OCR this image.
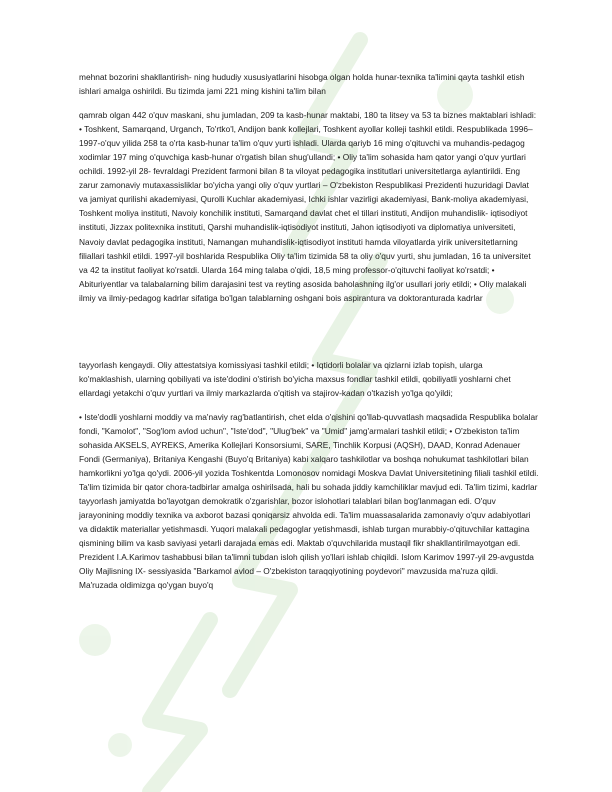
mehnat bozorini shakllantirish- ning hududiy xususiyatlarini hisobga olgan holda hunar-texnika ta'limini qayta tashkil etish ishlari amalga oshirildi. Bu tizimda jami 221 ming kishini ta'lim bilan

qamrab olgan 442 o'quv maskani, shu jumladan, 209 ta kasb-hunar maktabi, 180 ta litsey va 53 ta biznes maktablari ishladi: • Toshkent, Samarqand, Urganch, To'rtko'l, Andijon bank kollejlari, Toshkent ayollar kolleji tashkil etildi. Respublikada 1996–1997-o'quv yilida 258 ta o'rta kasb-hunar ta'lim o'quv yurti ishladi. Ularda qariyb 16 ming o'qituvchi va muhandis-pedagog xodimlar 197 ming o'quvchiga kasb-hunar o'rgatish bilan shug'ullandi; • Oliy ta'lim sohasida ham qator yangi o'quv yurtlari ochildi. 1992-yil 28- fevraldagi Prezident farmoni bilan 8 ta viloyat pedagogika institutlari universitetlarga aylantirildi. Eng zarur zamonaviy mutaxassisliklar bo'yicha yangi oliy o'quv yurtlari – O'zbekiston Respublikasi Prezidenti huzuridagi Davlat va jamiyat qurilishi akademiyasi, Qurolli Kuchlar akademiyasi, Ichki ishlar vazirligi akademiyasi, Bank-moliya akademiyasi, Toshkent moliya instituti, Navoiy konchilik instituti, Samarqand davlat chet el tillari instituti, Andijon muhandislik- iqtisodiyot instituti, Jizzax politexnika instituti, Qarshi muhandislik-iqtisodiyot instituti, Jahon iqtisodiyoti va diplomatiya universiteti, Navoiy davlat pedagogika instituti, Namangan muhandislik-iqtisodiyot instituti hamda viloyatlarda yirik universitetlarning filiallari tashkil etildi. 1997-yil boshlarida Respublika Oliy ta'lim tizimida 58 ta oliy o'quv yurti, shu jumladan, 16 ta universitet va 42 ta institut faoliyat ko'rsatdi. Ularda 164 ming talaba o'qidi, 18,5 ming professor-o'qituvchi faoliyat ko'rsatdi; • Abituriyentlar va talabalarning bilim darajasini test va reyting asosida baholashning ilg'or usullari joriy etildi; • Oliy malakali ilmiy va ilmiy-pedagog kadrlar sifatiga bo'lgan talablarning oshgani bois aspirantura va doktoranturada kadrlar

tayyorlash kengaydi. Oliy attestatsiya komissiyasi tashkil etildi; • Iqtidorli bolalar va qizlarni izlab topish, ularga ko'maklashish, ularning qobiliyati va iste'dodini o'stirish bo'yicha maxsus fondlar tashkil etildi, qobiliyatli yoshlarni chet ellardagi yetakchi o'quv yurtlari va ilmiy markazlarda o'qitish va stajirov-kadan o'tkazish yo'lga qo'yildi;

• Iste'dodli yoshlarni moddiy va ma'naviy rag'batlantirish, chet elda o'qishini qo'llab-quvvatlash maqsadida Respublika bolalar fondi, "Kamolot", "Sog'lom avlod uchun", "Iste'dod", "Ulug'bek" va "Umid" jamg'armalari tashkil etildi; • O'zbekiston ta'lim sohasida AKSELS, AYREKS, Amerika Kollejlari Konsorsiumi, SARE, Tinchlik Korpusi (AQSH), DAAD, Konrad Adenauer Fondi (Germaniya), Britaniya Kengashi (Buyo'q Britaniya) kabi xalqaro tashkilotlar va boshqa nohukumat tashkilotlari bilan hamkorlikni yo'lga qo'ydi. 2006-yil yozida Toshkentda Lomonosov nomidagi Moskva Davlat Universitetining filiali tashkil etildi. Ta'lim tizimida bir qator chora-tadbirlar amalga oshirilsada, hali bu sohada jiddiy kamchiliklar mavjud edi. Ta'lim tizimi, kadrlar tayyorlash jamiyatda bo'layotgan demokratik o'zgarishlar, bozor islohotlari talablari bilan bog'lanmagan edi. O'quv jarayonining moddiy texnika va axborot bazasi qoniqarsiz ahvolda edi. Ta'lim muassasalarida zamonaviy o'quv adabiyotlari va didaktik materiallar yetishmasdi. Yuqori malakali pedagoglar yetishmasdi, ishlab turgan murabbiy-o'qituvchilar kattagina qismining bilim va kasb saviyasi yetarli darajada emas edi. Maktab o'quvchilarida mustaqil fikr shakllantirilmayotgan edi. Prezident I.A.Karimov tashabbusi bilan ta'limni tubdan isloh qilish yo'llari ishlab chiqildi. Islom Karimov 1997-yil 29-avgustda Oliy Majlisning IX- sessiyasida "Barkamol avlod – O'zbekiston taraqqiyotining poydevori" mavzusida ma'ruza qildi. Ma'ruzada oldimizga qo'ygan buyo'q
